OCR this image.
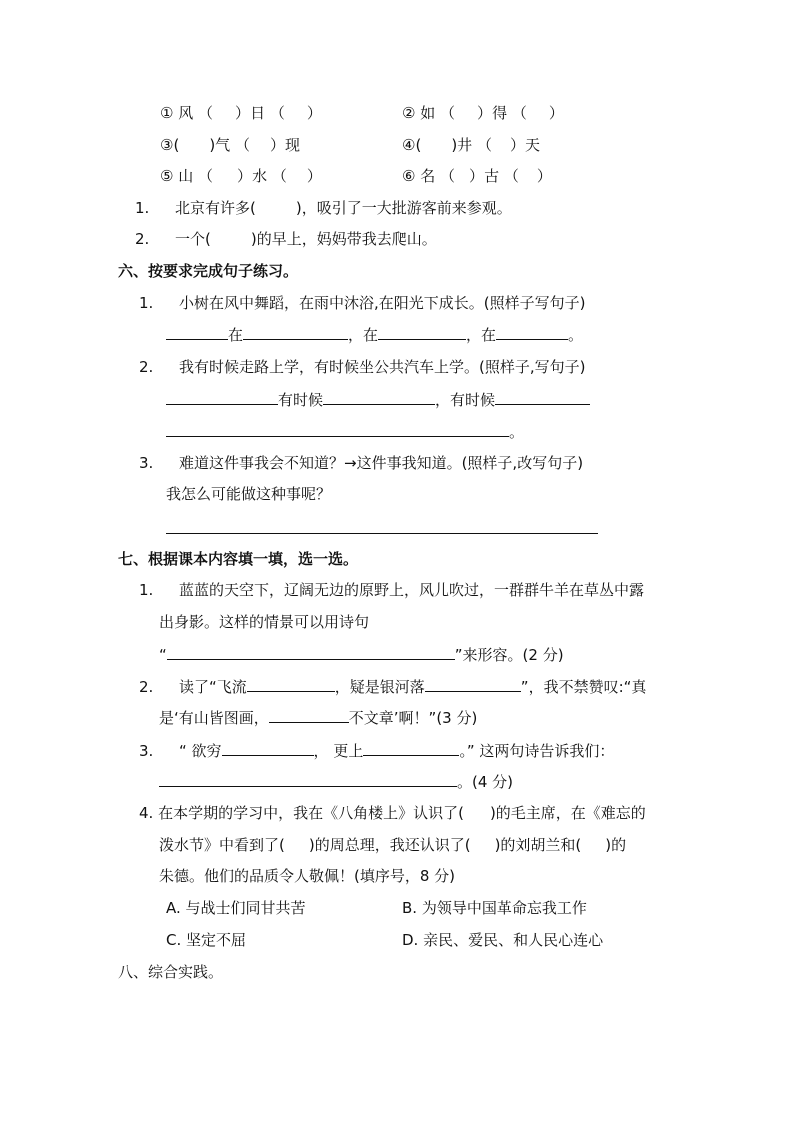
① 风 （ ）日 （ ）	② 如 （ ）得 （ ）
③( )气 （ ）现	④( )井 （ ）天
⑤ 山 （ ）水 （ ）	⑥ 名 （ ）古 （ ）
1. 北京有许多(	)，吸引了一大批游客前来参观。
2. 一个(	)的早上，妈妈带我去爬山。
六、按要求完成句子练习。
1. 小树在风中舞蹈，在雨中沐浴,在阳光下成长。(照样子写句子)
在	，在	，在	。
2. 我有时候走路上学，有时候坐公共汽车上学。(照样子,写句子)
有时候	，有时候
。
3. 难道这件事我会不知道？→这件事我知道。(照样子,改写句子)
我怎么可能做这种事呢？
七、根据课本内容填一填，选一选。
1. 蓝蓝的天空下，辽阔无边的原野上，风儿吹过，一群群牛羊在草丛中露
出身影。这样的情景可以用诗句
“	”来形容。(2 分)
2. 读了“飞流	，疑是银河落	”，我不禁赞叹:“真
是‘有山皆图画，	不文章’啊！”(3 分)
3. “ 欲穷	， 更上	。” 这两句诗告诉我们：
。(4 分)
4. 在本学期的学习中，我在《八角楼上》认识了( )的毛主席，在《难忘的
泼水节》中看到了( )的周总理，我还认识了( )的刘胡兰和( )的
朱德。他们的品质令人敬佩！(填序号，8 分)
A. 与战士们同甘共苦	B. 为领导中国革命忘我工作
C. 坚定不屈	D. 亲民、爱民、和人民心连心
八、综合实践。
